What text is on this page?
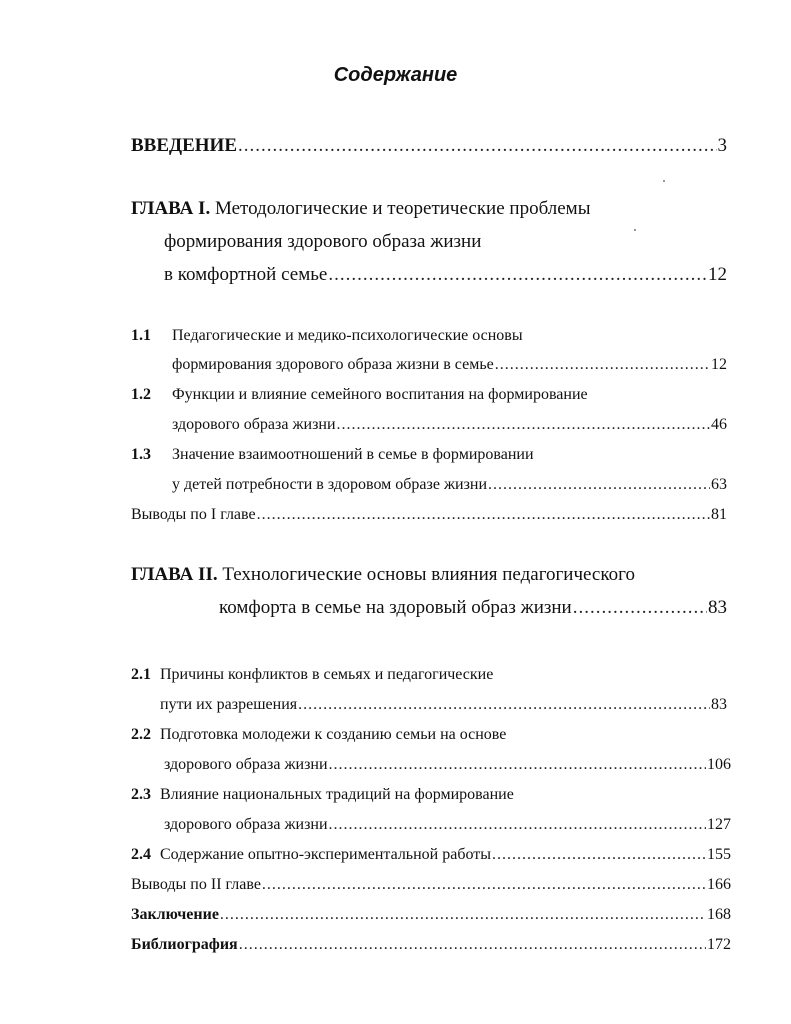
Содержание
ВВЕДЕНИЕ .....	3
ГЛАВА I. Методологические и теоретические проблемы
формирования здорового образа жизни
в комфортной семье .....	12
1.1 Педагогические и медико-психологические основы
формирования здорового образа жизни в семье .....	12
1.2 Функции и влияние семейного воспитания на формирование
здорового образа жизни .....	46
1.3 Значение взаимоотношений в семье в формировании
у детей потребности в здоровом образе жизни .....	63
Выводы по I главе .....	81
ГЛАВА II. Технологические основы влияния педагогического
комфорта в семье на здоровый образ жизни .....	83
2.1 Причины конфликтов в семьях и педагогические
пути их разрешения .....	83
2.2 Подготовка молодежи к созданию семьи на основе
здорового образа жизни .....	106
2.3 Влияние национальных традиций на формирование
здорового образа жизни .....	127
2.4 Содержание опытно-экспериментальной работы .....	155
Выводы по II главе .....	166
Заключение .....	168
Библиография .....	172
